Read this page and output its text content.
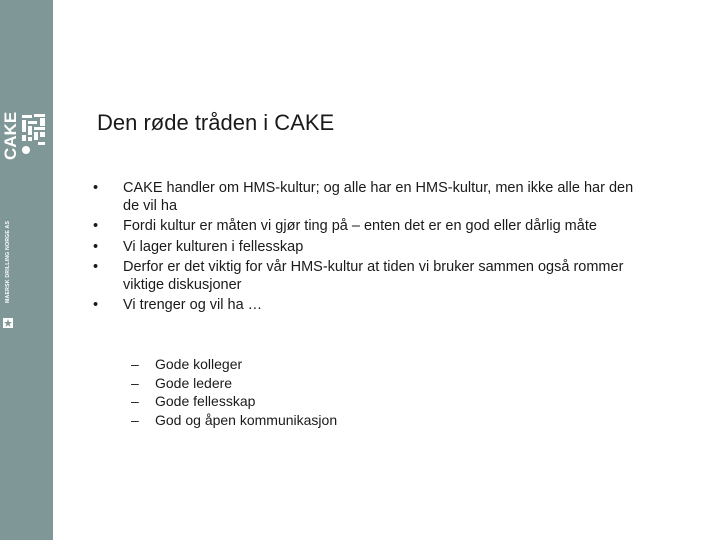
CAKE
MAERSK DRILLING NORGE AS
Den røde tråden i CAKE
•	CAKE handler om HMS-kultur; og alle har en HMS-kultur, men ikke alle har den de vil ha
•	Fordi kultur er måten vi gjør ting på – enten det er en god eller dårlig måte
•	Vi lager kulturen i fellesskap
•	Derfor er det viktig for vår HMS-kultur at tiden vi bruker sammen også rommer viktige diskusjoner
•	Vi trenger og vil ha …
–	Gode kolleger
–	Gode ledere
–	Gode fellesskap
–	God og åpen kommunikasjon
